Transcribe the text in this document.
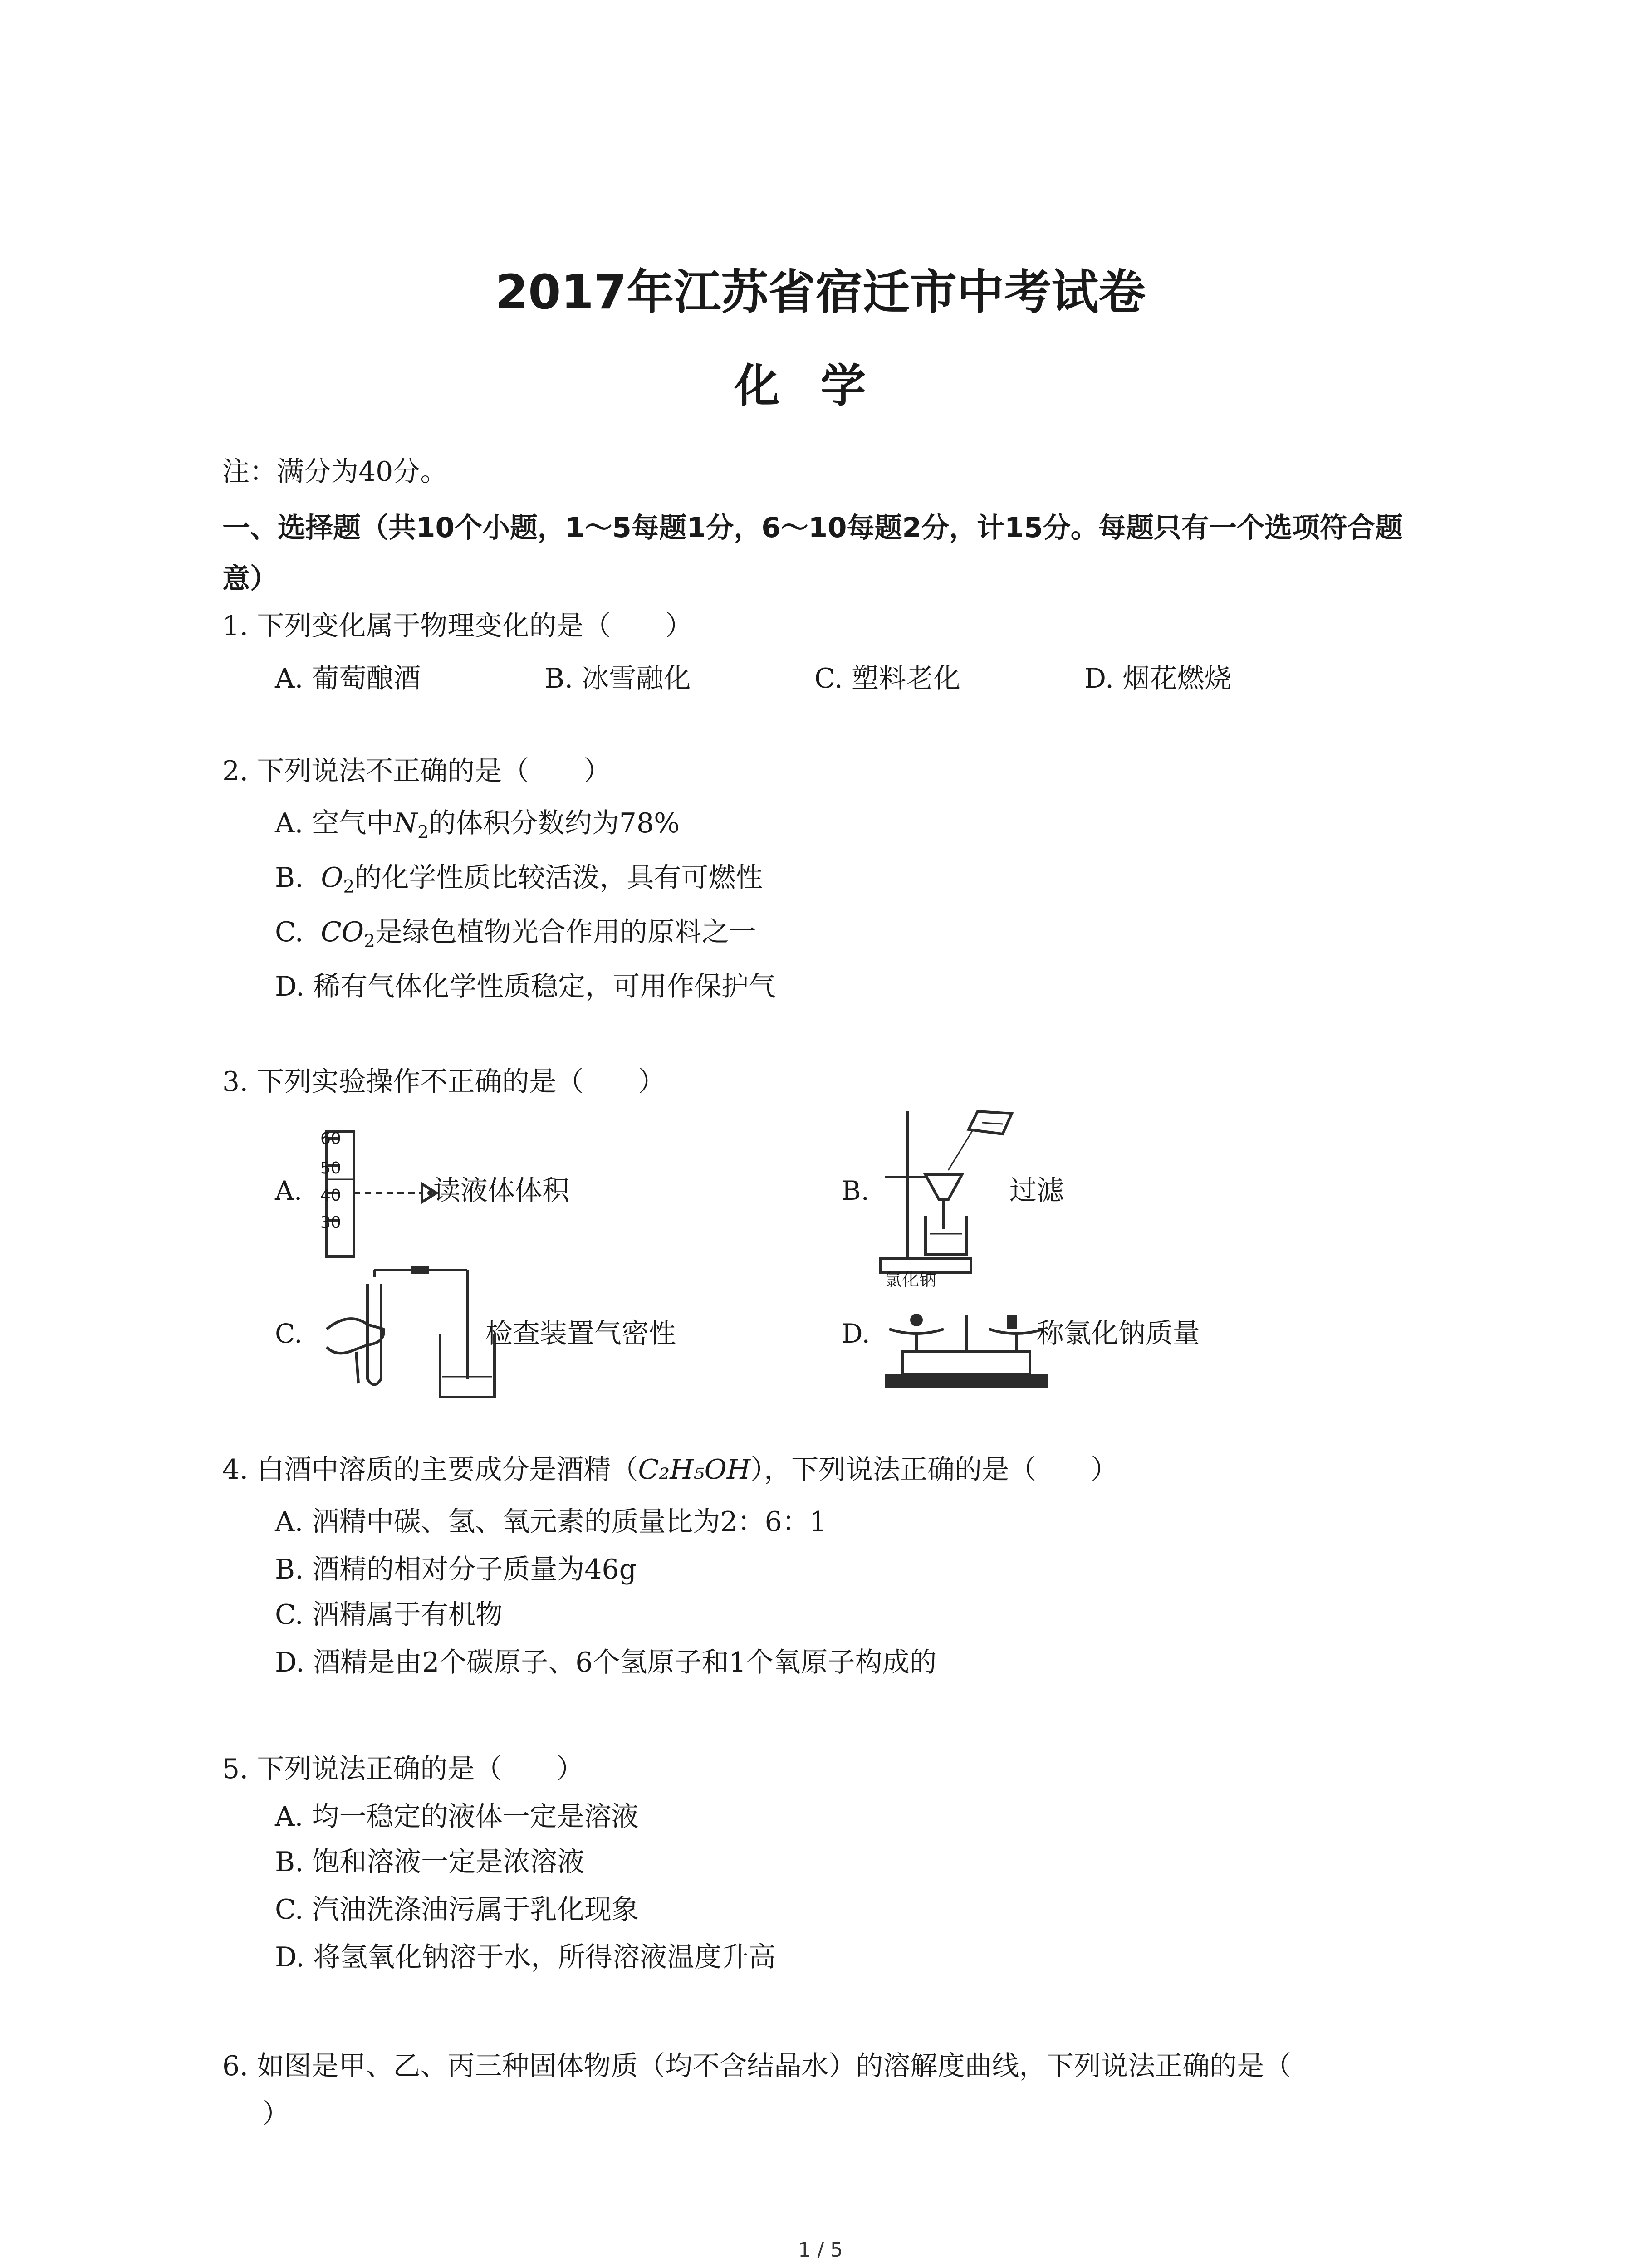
2017年江苏省宿迁市中考试卷
化学
注：满分为40分。
一、选择题（共10个小题，1～5每题1分，6～10每题2分，计15分。每题只有一个选项符合题意）
1. 下列变化属于物理变化的是（　　）
A. 葡萄酿酒	B. 冰雪融化	C. 塑料老化	D. 烟花燃烧
2. 下列说法不正确的是（　　）
A. 空气中$N_2$的体积分数约为78%
B.  $O_2$的化学性质比较活泼，具有可燃性
C.  $CO_2$是绿色植物光合作用的原料之一
D. 稀有气体化学性质稳定，可用作保护气
3. 下列实验操作不正确的是（　　）
A.
60
50
40
30
读液体体积	B.	过滤
C.	检查装置气密性	D.
氯化钠
称氯化钠质量
4. 白酒中溶质的主要成分是酒精（C₂H₅OH），下列说法正确的是（　　）
A. 酒精中碳、氢、氧元素的质量比为2：6：1
B. 酒精的相对分子质量为46g
C. 酒精属于有机物
D. 酒精是由2个碳原子、6个氢原子和1个氧原子构成的
5. 下列说法正确的是（　　）
A. 均一稳定的液体一定是溶液
B. 饱和溶液一定是浓溶液
C. 汽油洗涤油污属于乳化现象
D. 将氢氧化钠溶于水，所得溶液温度升高
6. 如图是甲、乙、丙三种固体物质（均不含结晶水）的溶解度曲线，下列说法正确的是（
）
1 / 5
